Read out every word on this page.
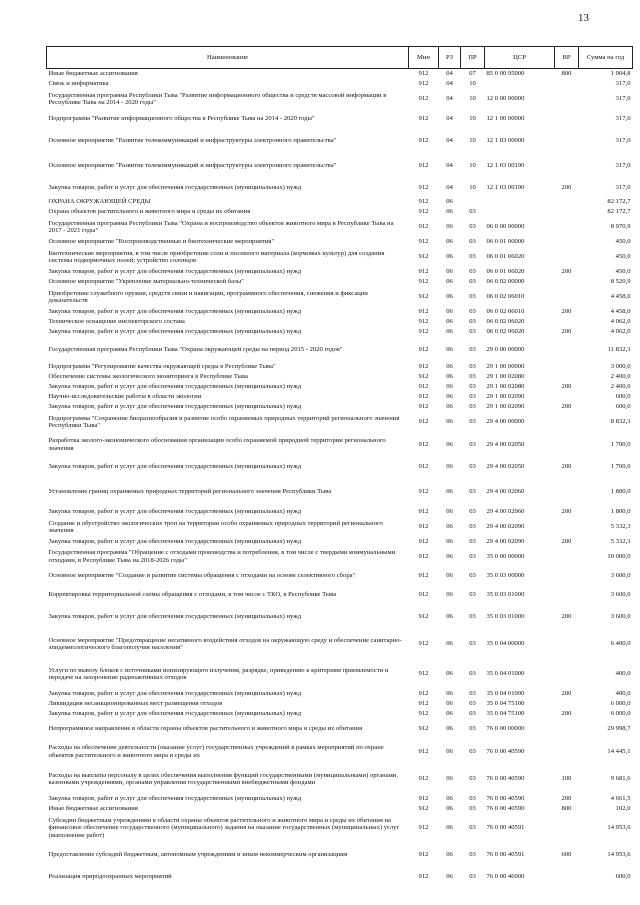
13
Наименование	Мин	РЗ	ПР	ЦСР	ВР	Сумма на год
Иные бюджетные ассигнования	912	04	07	85 0 00 95000	800	1 904,8
Связь и информатика	912	04	10			317,0
Государственная программа Республики Тыва "Развитие информационного общества и средств массовой информации в Республике Тыва на 2014 - 2020 годы"	912	04	10	12 0 00 00000		317,0
Подпрограмма "Развитие информационного общества в Республике Тыва на 2014 - 2020 годы"	912	04	10	12 1 00 00000		317,0
Основное мероприятие "Развитие телекоммуникаций и инфраструктуры электронного правительства"	912	04	10	12 1 03 00000		317,0
Основное мероприятие "Развитие телекоммуникаций и инфраструктуры электронного правительства"	912	04	10	12 1 03 00190		317,0
Закупка товаров, работ и услуг для обеспечения государственных (муниципальных) нужд	912	04	10	12 1 03 00190	200	317,0
ОХРАНА ОКРУЖАЮЩЕЙ СРЕДЫ	912	06				82 172,7
Охрана объектов растительного и животного мира и среды их обитания	912	06	03			82 172,7
Государственная программа Республики Тыва "Охрана и воспроизводство объектов животного мира в Республике Тыва на 2017 - 2021 годы"	912	06	03	06 0 00 00000		8 970,9
Основное мероприятие "Воспроизводственные и биотехнические мероприятия"	912	06	03	06 0 01 00000		450,0
Биотехнические мероприятия, в том числе приобретение соли и посевного материала (кормовых культур) для создания системы подкормочных полей; устройство солонцов	912	06	03	06 0 01 06020		450,0
Закупка товаров, работ и услуг для обеспечения государственных (муниципальных) нужд	912	06	03	06 0 01 06020	200	450,0
Основное мероприятие "Укрепление материально-технической базы"	912	06	03	06 0 02 00000		8 520,9
Приобретение служебного оружия, средств связи и навигации, программного обеспечения, снежения и фиксации доказательств	912	06	03	06 0 02 06010		4 458,0
Закупка товаров, работ и услуг для обеспечения государственных (муниципальных) нужд	912	06	03	06 0 02 06010	200	4 458,0
Техническое оснащение инспекторского состава	912	06	03	06 0 02 06020		4 062,0
Закупка товаров, работ и услуг для обеспечения государственных (муниципальных) нужд	912	06	03	06 0 02 06020	200	4 062,0
Государственная программа Республики Тыва "Охрана окружающей среды на период 2015 - 2020 годов"	912	06	03	29 0 00 00000		11 832,3
Подпрограмма "Регулирование качества окружающей среды в Республике Тыва"	912	06	03	29 1 00 00000		3 000,0
Обеспечение системы экологического мониторинга в Республике Тыва	912	06	03	29 1 00 02080		2 400,0
Закупка товаров, работ и услуг для обеспечения государственных (муниципальных) нужд	912	06	03	29 1 00 02080	200	2 400,0
Научно-исследовательские работы в области экологии	912	06	03	29 1 00 02090		600,0
Закупка товаров, работ и услуг для обеспечения государственных (муниципальных) нужд	912	06	03	29 1 00 02090	200	600,0
Подпрограмма "Сохранение биоразнообразия и развитие особо охраняемых природных территорий регионального значения Республики Тыва"	912	06	03	29 4 00 00000		8 832,3
Разработка эколого-экономического обоснования организации особо охраняемой природной территории регионального значения	912	06	03	29 4 00 02050		1 700,0
Закупка товаров, работ и услуг для обеспечения государственных (муниципальных) нужд	912	06	03	29 4 00 02050	200	1 700,0
Установление границ охраняемых природных территорий регионального значения Республики Тыва	912	06	03	29 4 00 02060		1 800,0
Закупка товаров, работ и услуг для обеспечения государственных (муниципальных) нужд	912	06	03	29 4 00 02060	200	1 800,0
Создание и обустройство экологических троп на территории особо охраняемых природных территорий регионального значения	912	06	03	29 4 00 02090		5 332,3
Закупка товаров, работ и услуг для обеспечения государственных (муниципальных) нужд	912	06	03	29 4 00 02090	200	5 332,3
Государственная программа "Обращение с отходами производства и потребления, в том числе с твердыми коммунальными отходами, в Республике Тыва на 2018-2026 годы"	912	06	03	35 0 00 00000		10 000,0
Основное мероприятие "Создание и развитие системы обращения с отходами на основе селективного сбора"	912	06	03	35 0 03 00000		3 600,0
Корректировка территориальной схемы обращения с отходами, в том числе с ТКО, в Республике Тыва	912	06	03	35 0 03 01000		3 600,0
Закупка товаров, работ и услуг для обеспечения государственных (муниципальных) нужд	912	06	03	35 0 03 01000	200	3 600,0
Основное мероприятие "Предотвращение негативного воздействия отходов на окружающую среду и обеспечение санитарно-эпидемиологического благополучия населения"	912	06	03	35 0 04 00000		6 400,0
Услуги по вывозу блоков с источниками ионизирующего излучения, разрядке, приведению к критериям приемлемости и передаче на захоронение радиоактивных отходов	912	06	03	35 0 04 01000		400,0
Закупка товаров, работ и услуг для обеспечения государственных (муниципальных) нужд	912	06	03	35 0 04 01000	200	400,0
Ликвидация несанкционированных мест размещения отходов	912	06	03	35 0 04 75100		6 000,0
Закупка товаров, работ и услуг для обеспечения государственных (муниципальных) нужд	912	06	03	35 0 04 75100	200	6 000,0
Непрограммное направление в области охраны объектов растительного и животного мира и среды их обитания	912	06	03	76 0 00 00000		29 998,7
Расходы на обеспечение деятельности (оказание услуг) государственных учреждений в рамках мероприятий по охране объектов растительного и животного мира и среды их	912	06	03	76 0 00 40590		14 445,1
Расходы на выплаты персоналу в целях обеспечения выполнения функций государственными (муниципальными) органами, казенными учреждениями, органами управления государственными внебюджетными фондами	912	06	03	76 0 00 40590	100	9 681,6
Закупка товаров, работ и услуг для обеспечения государственных (муниципальных) нужд	912	06	03	76 0 00 40590	200	4 661,5
Иные бюджетные ассигнования	912	06	03	76 0 00 40590	800	102,0
Субсидии бюджетным учреждениям в области охраны объектов растительного и животного мира и среды их обитания на финансовое обеспечение государственного (муниципального) задания на оказание государственных (муниципальных) услуг (выполнение работ)	912	06	03	76 0 00 40591		14 953,6
Предоставление субсидий бюджетным, автономным учреждениям и иным некоммерческим организациям	912	06	03	76 0 00 40591	600	14 953,6
Реализация природоохранных мероприятий	912	06	03	76 0 00 46000		600,0
